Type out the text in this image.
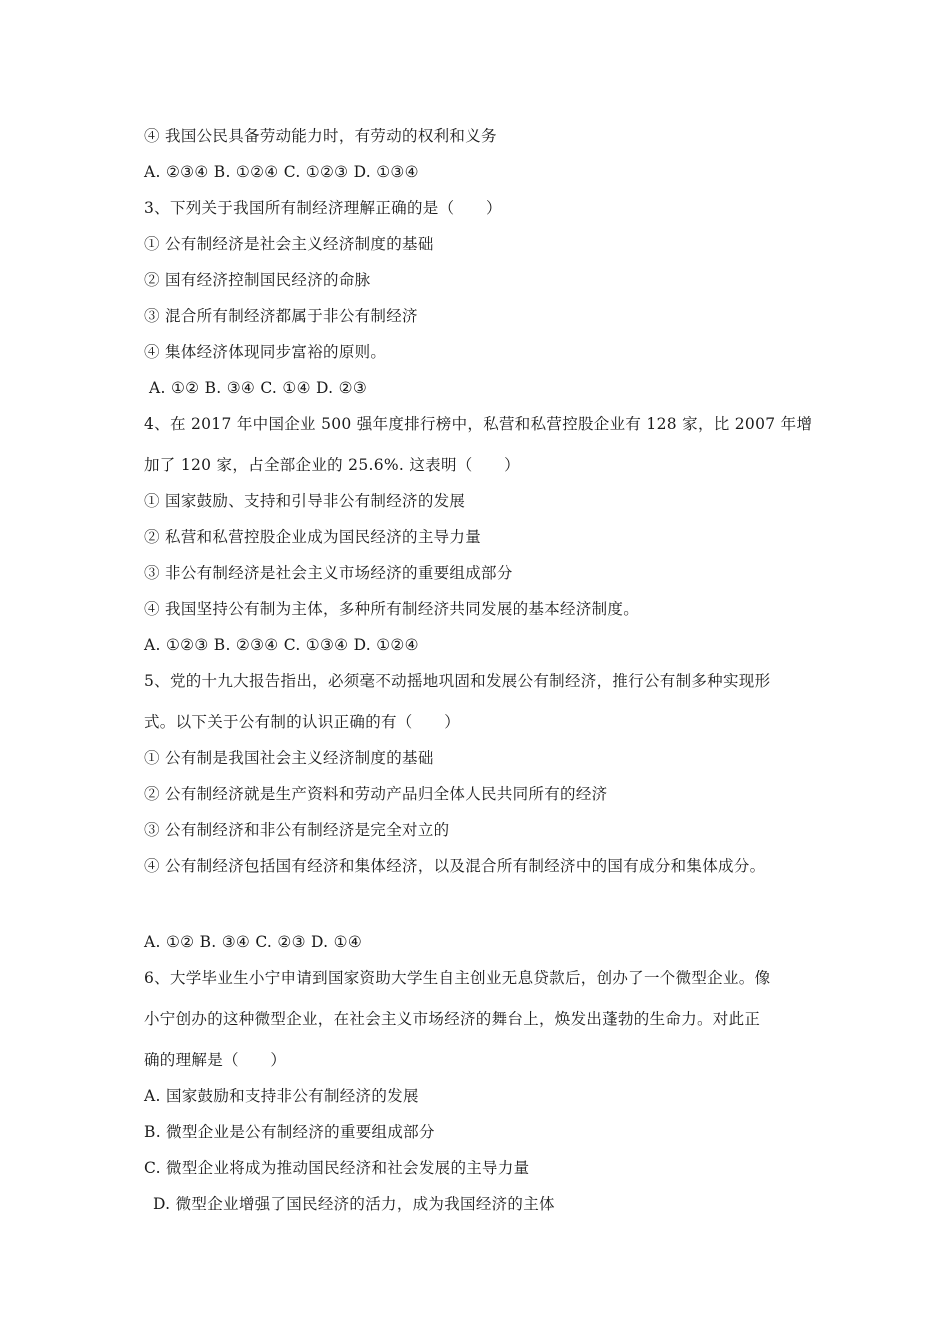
④ 我国公民具备劳动能力时，有劳动的权利和义务
A. ②③④ B. ①②④ C. ①②③ D. ①③④
3、下列关于我国所有制经济理解正确的是（　　）
① 公有制经济是社会主义经济制度的基础
② 国有经济控制国民经济的命脉
③ 混合所有制经济都属于非公有制经济
④ 集体经济体现同步富裕的原则。
A. ①② B. ③④ C. ①④ D. ②③
4、在 2017 年中国企业 500 强年度排行榜中，私营和私营控股企业有 128 家，比 2007 年增
加了 120 家，占全部企业的 25.6%. 这表明（　　）
① 国家鼓励、支持和引导非公有制经济的发展
② 私营和私营控股企业成为国民经济的主导力量
③ 非公有制经济是社会主义市场经济的重要组成部分
④ 我国坚持公有制为主体，多种所有制经济共同发展的基本经济制度。
A. ①②③ B. ②③④ C. ①③④ D. ①②④
5、党的十九大报告指出，必须毫不动摇地巩固和发展公有制经济，推行公有制多种实现形
式。以下关于公有制的认识正确的有（　　）
① 公有制是我国社会主义经济制度的基础
② 公有制经济就是生产资料和劳动产品归全体人民共同所有的经济
③ 公有制经济和非公有制经济是完全对立的
④ 公有制经济包括国有经济和集体经济，以及混合所有制经济中的国有成分和集体成分。
A. ①② B. ③④ C. ②③ D. ①④
6、大学毕业生小宁申请到国家资助大学生自主创业无息贷款后，创办了一个微型企业。像
小宁创办的这种微型企业，在社会主义市场经济的舞台上，焕发出蓬勃的生命力。对此正
确的理解是（　　）
A. 国家鼓励和支持非公有制经济的发展
B. 微型企业是公有制经济的重要组成部分
C. 微型企业将成为推动国民经济和社会发展的主导力量
D. 微型企业增强了国民经济的活力，成为我国经济的主体
